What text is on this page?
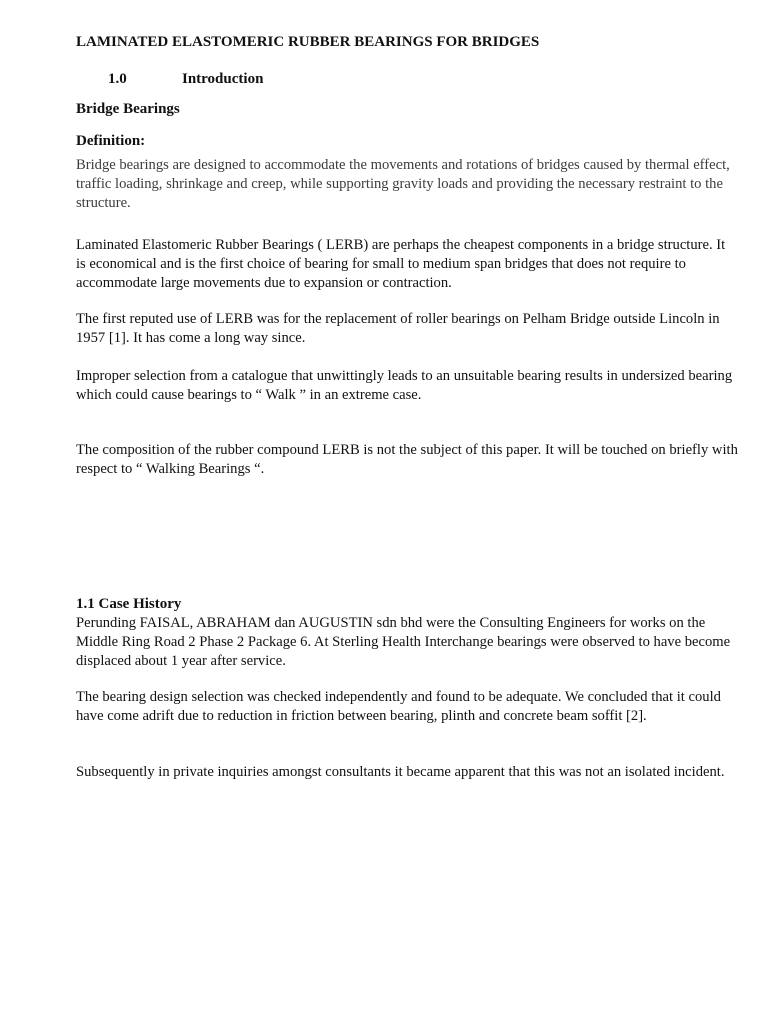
LAMINATED ELASTOMERIC RUBBER BEARINGS FOR BRIDGES
1.0	Introduction
Bridge Bearings
Definition:
Bridge bearings are designed to accommodate the movements and rotations of bridges caused by thermal effect, traffic loading, shrinkage and creep, while supporting gravity loads and providing the necessary restraint to the structure.
Laminated Elastomeric Rubber Bearings ( LERB) are perhaps the cheapest components in a bridge structure. It is economical and is the first choice of bearing for small to medium span bridges that does not require to accommodate large movements due to expansion or contraction.
The first reputed use of LERB was for the replacement of roller bearings on Pelham Bridge outside Lincoln in 1957 [1]. It has come a long way since.
Improper selection from a catalogue that unwittingly leads to an unsuitable bearing results in undersized bearing which could cause bearings to “ Walk ” in an extreme case.
The composition of the rubber compound LERB is not the subject of this paper. It will be touched on briefly with respect to “ Walking Bearings “.
1.1 Case History
Perunding FAISAL, ABRAHAM dan AUGUSTIN sdn bhd were the Consulting Engineers for works on the Middle Ring Road 2 Phase 2 Package 6. At Sterling Health Interchange bearings were observed to have become displaced about 1 year after service.
The bearing design selection was checked independently and found to be adequate. We concluded that it could have come adrift due to reduction in friction between bearing, plinth and concrete beam soffit [2].
Subsequently in private inquiries amongst consultants it became apparent that this was not an isolated incident.
